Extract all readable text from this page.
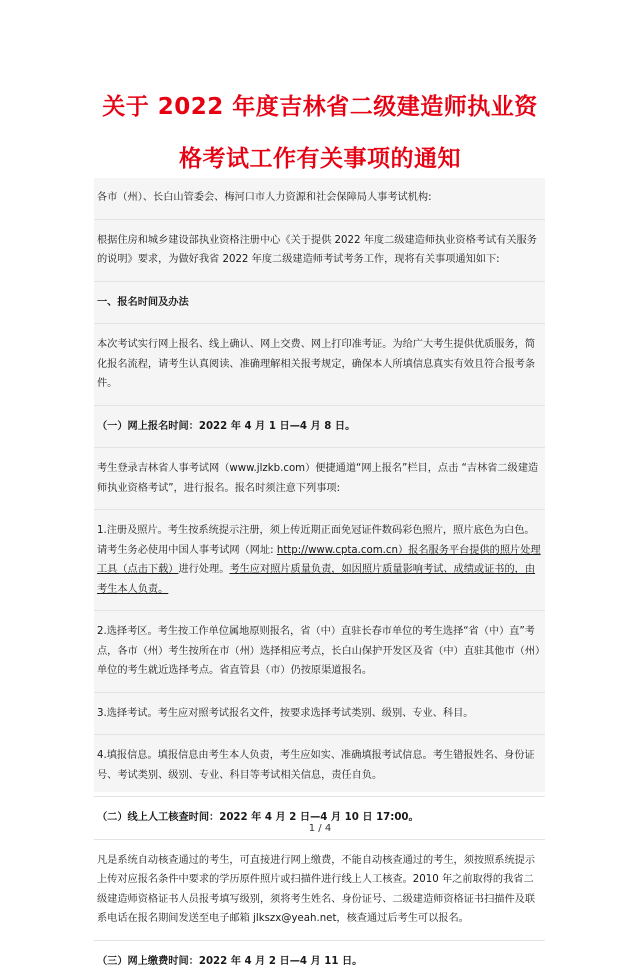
关于 2022 年度吉林省二级建造师执业资
格考试工作有关事项的通知
各市（州）、长白山管委会、梅河口市人力资源和社会保障局人事考试机构:
根据住房和城乡建设部执业资格注册中心《关于提供 2022 年度二级建造师执业资格考试有关服务的说明》要求，为做好我省 2022 年度二级建造师考试考务工作，现将有关事项通知如下:
一、报名时间及办法
本次考试实行网上报名、线上确认、网上交费、网上打印准考证。为给广大考生提供优质服务，简化报名流程，请考生认真阅读、准确理解相关报考规定，确保本人所填信息真实有效且符合报考条件。
（一）网上报名时间：2022 年 4 月 1 日—4 月 8 日。
考生登录吉林省人事考试网（www.jlzkb.com）便捷通道“网上报名”栏目，点击 “吉林省二级建造师执业资格考试”，进行报名。报名时须注意下列事项:
1.注册及照片。考生按系统提示注册，须上传近期正面免冠证件数码彩色照片，照片底色为白色。请考生务必使用中国人事考试网（网址: http://www.cpta.com.cn）报名服务平台提供的照片处理工具（点击下载）进行处理。考生应对照片质量负责，如因照片质量影响考试、成绩或证书的，由考生本人负责。
2.选择考区。考生按工作单位属地原则报名，省（中）直驻长春市单位的考生选择“省（中）直”考点，各市（州）考生按所在市（州）选择相应考点，长白山保护开发区及省（中）直驻其他市（州）单位的考生就近选择考点。省直管县（市）仍按原渠道报名。
3.选择考试。考生应对照考试报名文件，按要求选择考试类别、级别、专业、科目。
4.填报信息。填报信息由考生本人负责，考生应如实、准确填报考试信息。考生错报姓名、身份证号、考试类别、级别、专业、科目等考试相关信息，责任自负。
（二）线上人工核查时间：2022 年 4 月 2 日—4 月 10 日 17:00。
凡是系统自动核查通过的考生，可直接进行网上缴费，不能自动核查通过的考生，须按照系统提示上传对应报名条件中要求的学历原件照片或扫描件进行线上人工核查。2010 年之前取得的我省二级建造师资格证书人员报考填写级别，须将考生姓名、身份证号、二级建造师资格证书扫描件及联系电话在报名期间发送至电子邮箱 jlkszx@yeah.net，核查通过后考生可以报名。
（三）网上缴费时间：2022 年 4 月 2 日—4 月 11 日。
1 / 4
